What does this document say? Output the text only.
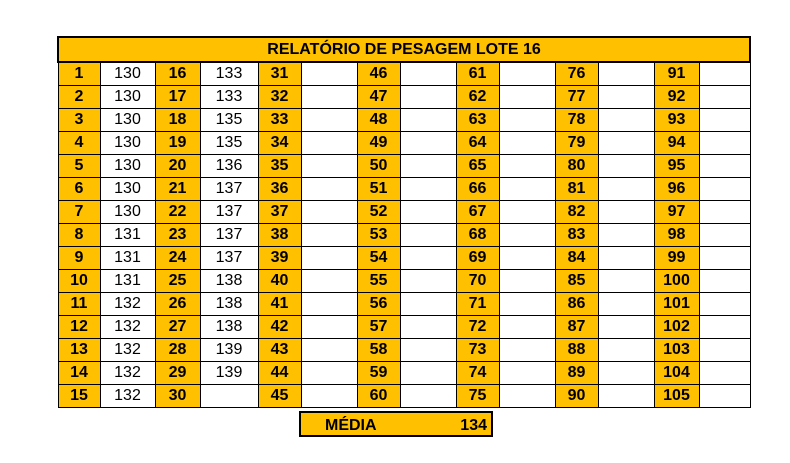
RELATÓRIO DE PESAGEM LOTE 16													
1	130	16	133	31		46		61		76		91	
2	130	17	133	32		47		62		77		92	
3	130	18	135	33		48		63		78		93	
4	130	19	135	34		49		64		79		94	
5	130	20	136	35		50		65		80		95	
6	130	21	137	36		51		66		81		96	
7	130	22	137	37		52		67		82		97	
8	131	23	137	38		53		68		83		98	
9	131	24	137	39		54		69		84		99	
10	131	25	138	40		55		70		85		100	
11	132	26	138	41		56		71		86		101	
12	132	27	138	42		57		72		87		102	
13	132	28	139	43		58		73		88		103	
14	132	29	139	44		59		74		89		104	
15	132	30		45		60		75		90		105	
MÉDIA	134
